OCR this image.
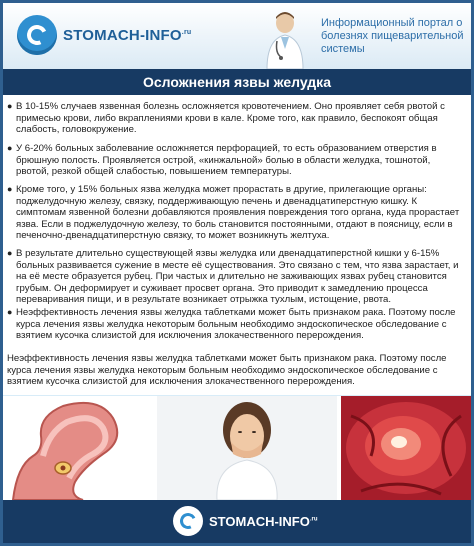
STOMACH-$INFO^{.ru}$
Информационный портал о болезнях пищеварительной системы
Осложнения язвы желудка
● В 10-15% случаев язвенная болезнь осложняется кровотечением. Оно проявляет себя рвотой с примесью крови, либо вкраплениями крови в кале. Кроме того, как правило, беспокоят общая слабость, головокружение.
● У 6-20% больных заболевание осложняется перфорацией, то есть образованием отверстия в брюшную полость. Проявляется острой, «кинжальной» болью в области желудка, тошнотой, рвотой, резкой общей слабостью, повышением температуры.
● Кроме того, у 15% больных язва желудка может прорастать в другие, прилегающие органы: поджелудочную железу, связку, поддерживающую печень и двенадцатиперстную кишку. К симптомам язвенной болезни добавляются проявления повреждения того органа, куда прорастает язва. Если в поджелудочную железу, то боль становится постоянными, отдают в поясницу, если в печеночно-двенадцатиперстную связку, то может возникнуть желтуха.
● В результате длительно существующей язвы желудка или двенадцатиперстной кишки у 6-15% больных развивается сужение в месте её существования. Это связано с тем, что язва зарастает, и на её месте образуется рубец. При частых и длительно не заживающих язвах рубец становится грубым. Он деформирует и суживает просвет органа. Это приводит к замедлению процесса переваривания пищи, и в результате возникает отрыжка тухлым, истощение, рвота.
● Неэффективность лечения язвы желудка таблетками может быть признаком рака. Поэтому после курса лечения язвы желудка некоторым больным необходимо эндоскопическое обследование с взятием кусочка слизистой для исключения злокачественного перерождения.
Неэффективность лечения язвы желудка таблетками может быть признаком рака. Поэтому после курса лечения язвы желудка некоторым больным необходимо эндоскопическое обследование с взятием кусочка слизистой для исключения злокачественного перерождения.
STOMACH-$INFO^{.ru}$
